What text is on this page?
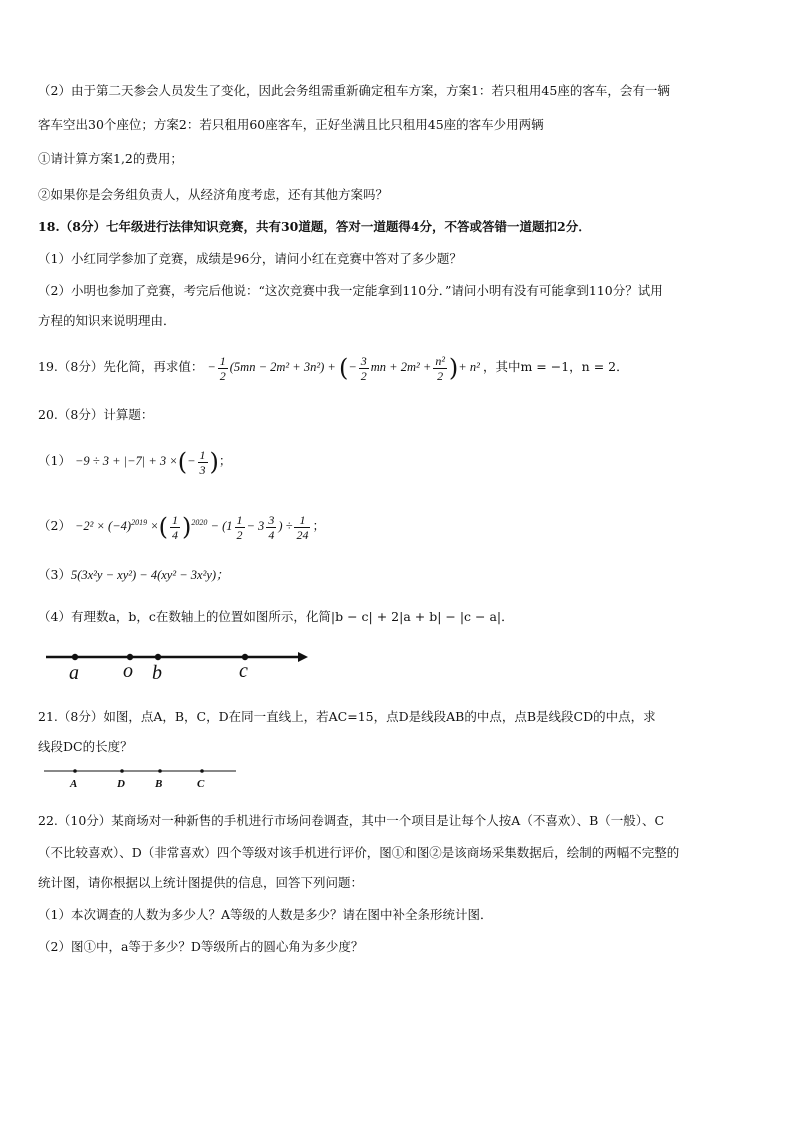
（2）由于第二天参会人员发生了变化，因此会务组需重新确定租车方案，方案1：若只租用45座的客车，会有一辆
客车空出30个座位；方案2：若只租用60座客车，正好坐满且比只租用45座的客车少用两辆
①请计算方案1,2的费用；
②如果你是会务组负责人，从经济角度考虑，还有其他方案吗？
18.（8分）七年级进行法律知识竞赛，共有30道题，答对一道题得4分，不答或答错一道题扣2分．
（1）小红同学参加了竞赛，成绩是96分，请问小红在竞赛中答对了多少题？
（2）小明也参加了竞赛，考完后他说：“这次竞赛中我一定能拿到110分．”请问小明有没有可能拿到110分？试用
方程的知识来说明理由．
19.（8分）先化简，再求值： − $\frac{1}{2} (5mn - 2m^2 + 3n^2)$ + (− $\frac{3}{2}$ mn + $2m^2 + \frac{\text{n²}}{2}$ )+ n² ，其中m = −1，n = 2．
20.（8分）计算题：
（1） −9 ÷ 3 + |−7| + 3 ×(− $\frac{1}{3}$ )；
$(2) -2^2 \times (-4)^{2019}$ ×( $\frac{1}{4} )^{2020} - (1 \frac{1}{2} - 3 \frac{3}{4}$ ) ÷ $\frac{1}{24}$ ；
（3）5(3x²y − xy²) − 4(xy² − 3x²y)；
（4）有理数a，b，c在数轴上的位置如图所示，化简|b − c| + 2|a + b| − |c − a|．
a o b	c
21.（8分）如图，点A，B，C，D在同一直线上，若AC=15，点D是线段AB的中点，点B是线段CD的中点，求
线段DC的长度？
A	D	B	C
22.（10分）某商场对一种新售的手机进行市场问卷调查，其中一个项目是让每个人按A（不喜欢）、B（一般）、C
（不比较喜欢）、D（非常喜欢）四个等级对该手机进行评价，图①和图②是该商场采集数据后，绘制的两幅不完整的
统计图，请你根据以上统计图提供的信息，回答下列问题：
（1）本次调查的人数为多少人？A等级的人数是多少？请在图中补全条形统计图．
（2）图①中，a等于多少？D等级所占的圆心角为多少度？
